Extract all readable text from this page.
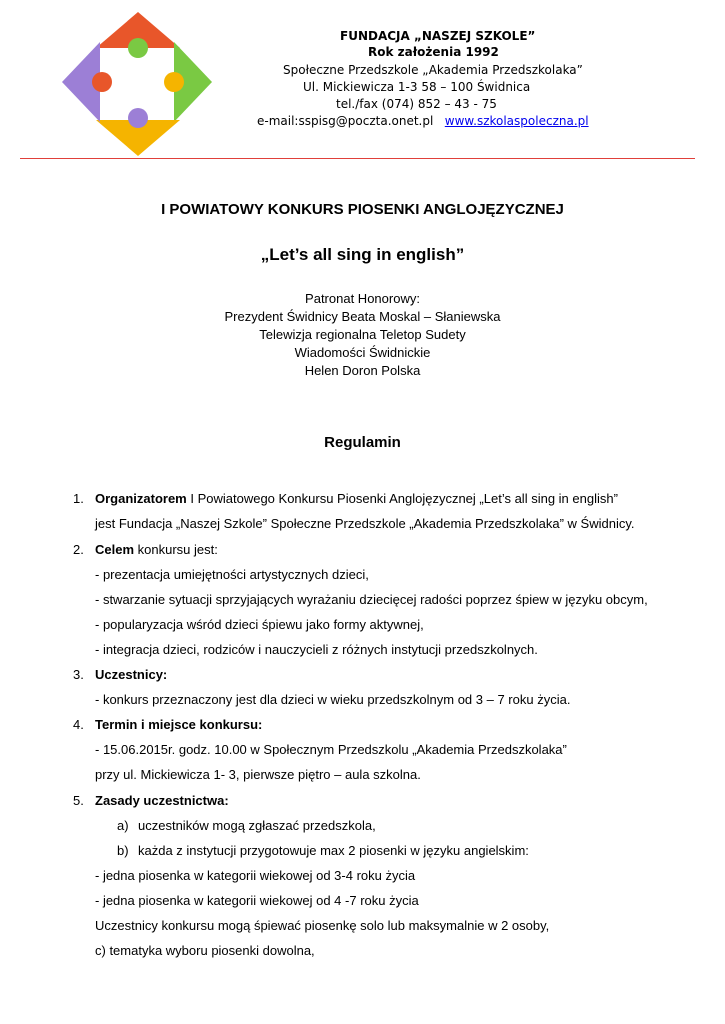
FUNDACJA „NASZEJ SZKOLE”
Rok założenia 1992
Społeczne Przedszkole „Akademia Przedszkolaka”
Ul. Mickiewicza 1-3 58 – 100 Świdnica
tel./fax (074) 852 – 43 - 75
e-mail:sspisg@poczta.onet.pl www.szkolaspoleczna.pl
I POWIATOWY KONKURS PIOSENKI ANGLOJĘZYCZNEJ
„Let’s all sing in english”
Patronat Honorowy:
Prezydent Świdnicy Beata Moskal – Słaniewska
Telewizja regionalna Teletop Sudety
Wiadomości Świdnickie
Helen Doron Polska
Regulamin
1. Organizatorem I Powiatowego Konkursu Piosenki Anglojęzycznej „Let’s all sing in english”
jest Fundacja „Naszej Szkole” Społeczne Przedszkole „Akademia Przedszkolaka” w Świdnicy.
2. Celem konkursu jest:
- prezentacja umiejętności artystycznych dzieci,
- stwarzanie sytuacji sprzyjających wyrażaniu dziecięcej radości poprzez śpiew w języku obcym,
- popularyzacja wśród dzieci śpiewu jako formy aktywnej,
- integracja dzieci, rodziców i nauczycieli z różnych instytucji przedszkolnych.
3. Uczestnicy:
- konkurs przeznaczony jest dla dzieci w wieku przedszkolnym od 3 – 7 roku życia.
4. Termin i miejsce konkursu:
- 15.06.2015r. godz. 10.00 w Społecznym Przedszkolu „Akademia Przedszkolaka”
przy ul. Mickiewicza 1- 3, pierwsze piętro – aula szkolna.
5. Zasady uczestnictwa:
a) uczestników mogą zgłaszać przedszkola,
b) każda z instytucji przygotowuje max 2 piosenki w języku angielskim:
- jedna piosenka w kategorii wiekowej od 3-4 roku życia
- jedna piosenka w kategorii wiekowej od 4 -7 roku życia
Uczestnicy konkursu mogą śpiewać piosenkę solo lub maksymalnie w 2 osoby,
c) tematyka wyboru piosenki dowolna,
